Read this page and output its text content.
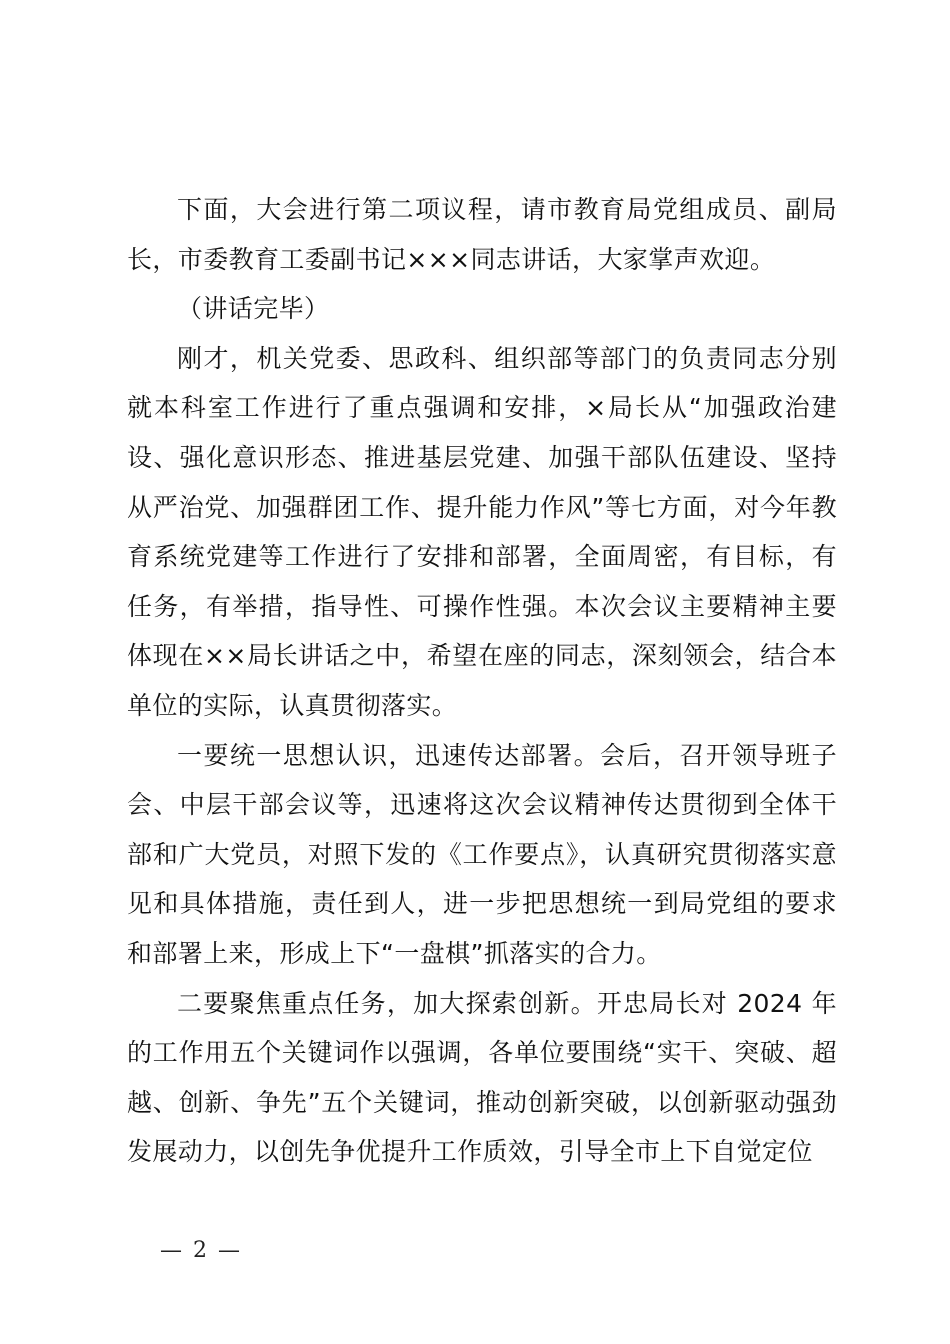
下面，大会进行第二项议程，请市教育局党组成员、副局长，市委教育工委副书记×××同志讲话，大家掌声欢迎。

（讲话完毕）

刚才，机关党委、思政科、组织部等部门的负责同志分别就本科室工作进行了重点强调和安排，×局长从“加强政治建设、强化意识形态、推进基层党建、加强干部队伍建设、坚持从严治党、加强群团工作、提升能力作风”等七方面，对今年教育系统党建等工作进行了安排和部署，全面周密，有目标，有任务，有举措，指导性、可操作性强。本次会议主要精神主要体现在××局长讲话之中，希望在座的同志，深刻领会，结合本单位的实际，认真贯彻落实。

一要统一思想认识，迅速传达部署。会后，召开领导班子会、中层干部会议等，迅速将这次会议精神传达贯彻到全体干部和广大党员，对照下发的《工作要点》，认真研究贯彻落实意见和具体措施，责任到人，进一步把思想统一到局党组的要求和部署上来，形成上下“一盘棋”抓落实的合力。

二要聚焦重点任务，加大探索创新。开忠局长对 2024 年的工作用五个关键词作以强调，各单位要围绕“实干、突破、超越、创新、争先”五个关键词，推动创新突破，以创新驱动强劲发展动力，以创先争优提升工作质效，引导全市上下自觉定位

— 2 —
